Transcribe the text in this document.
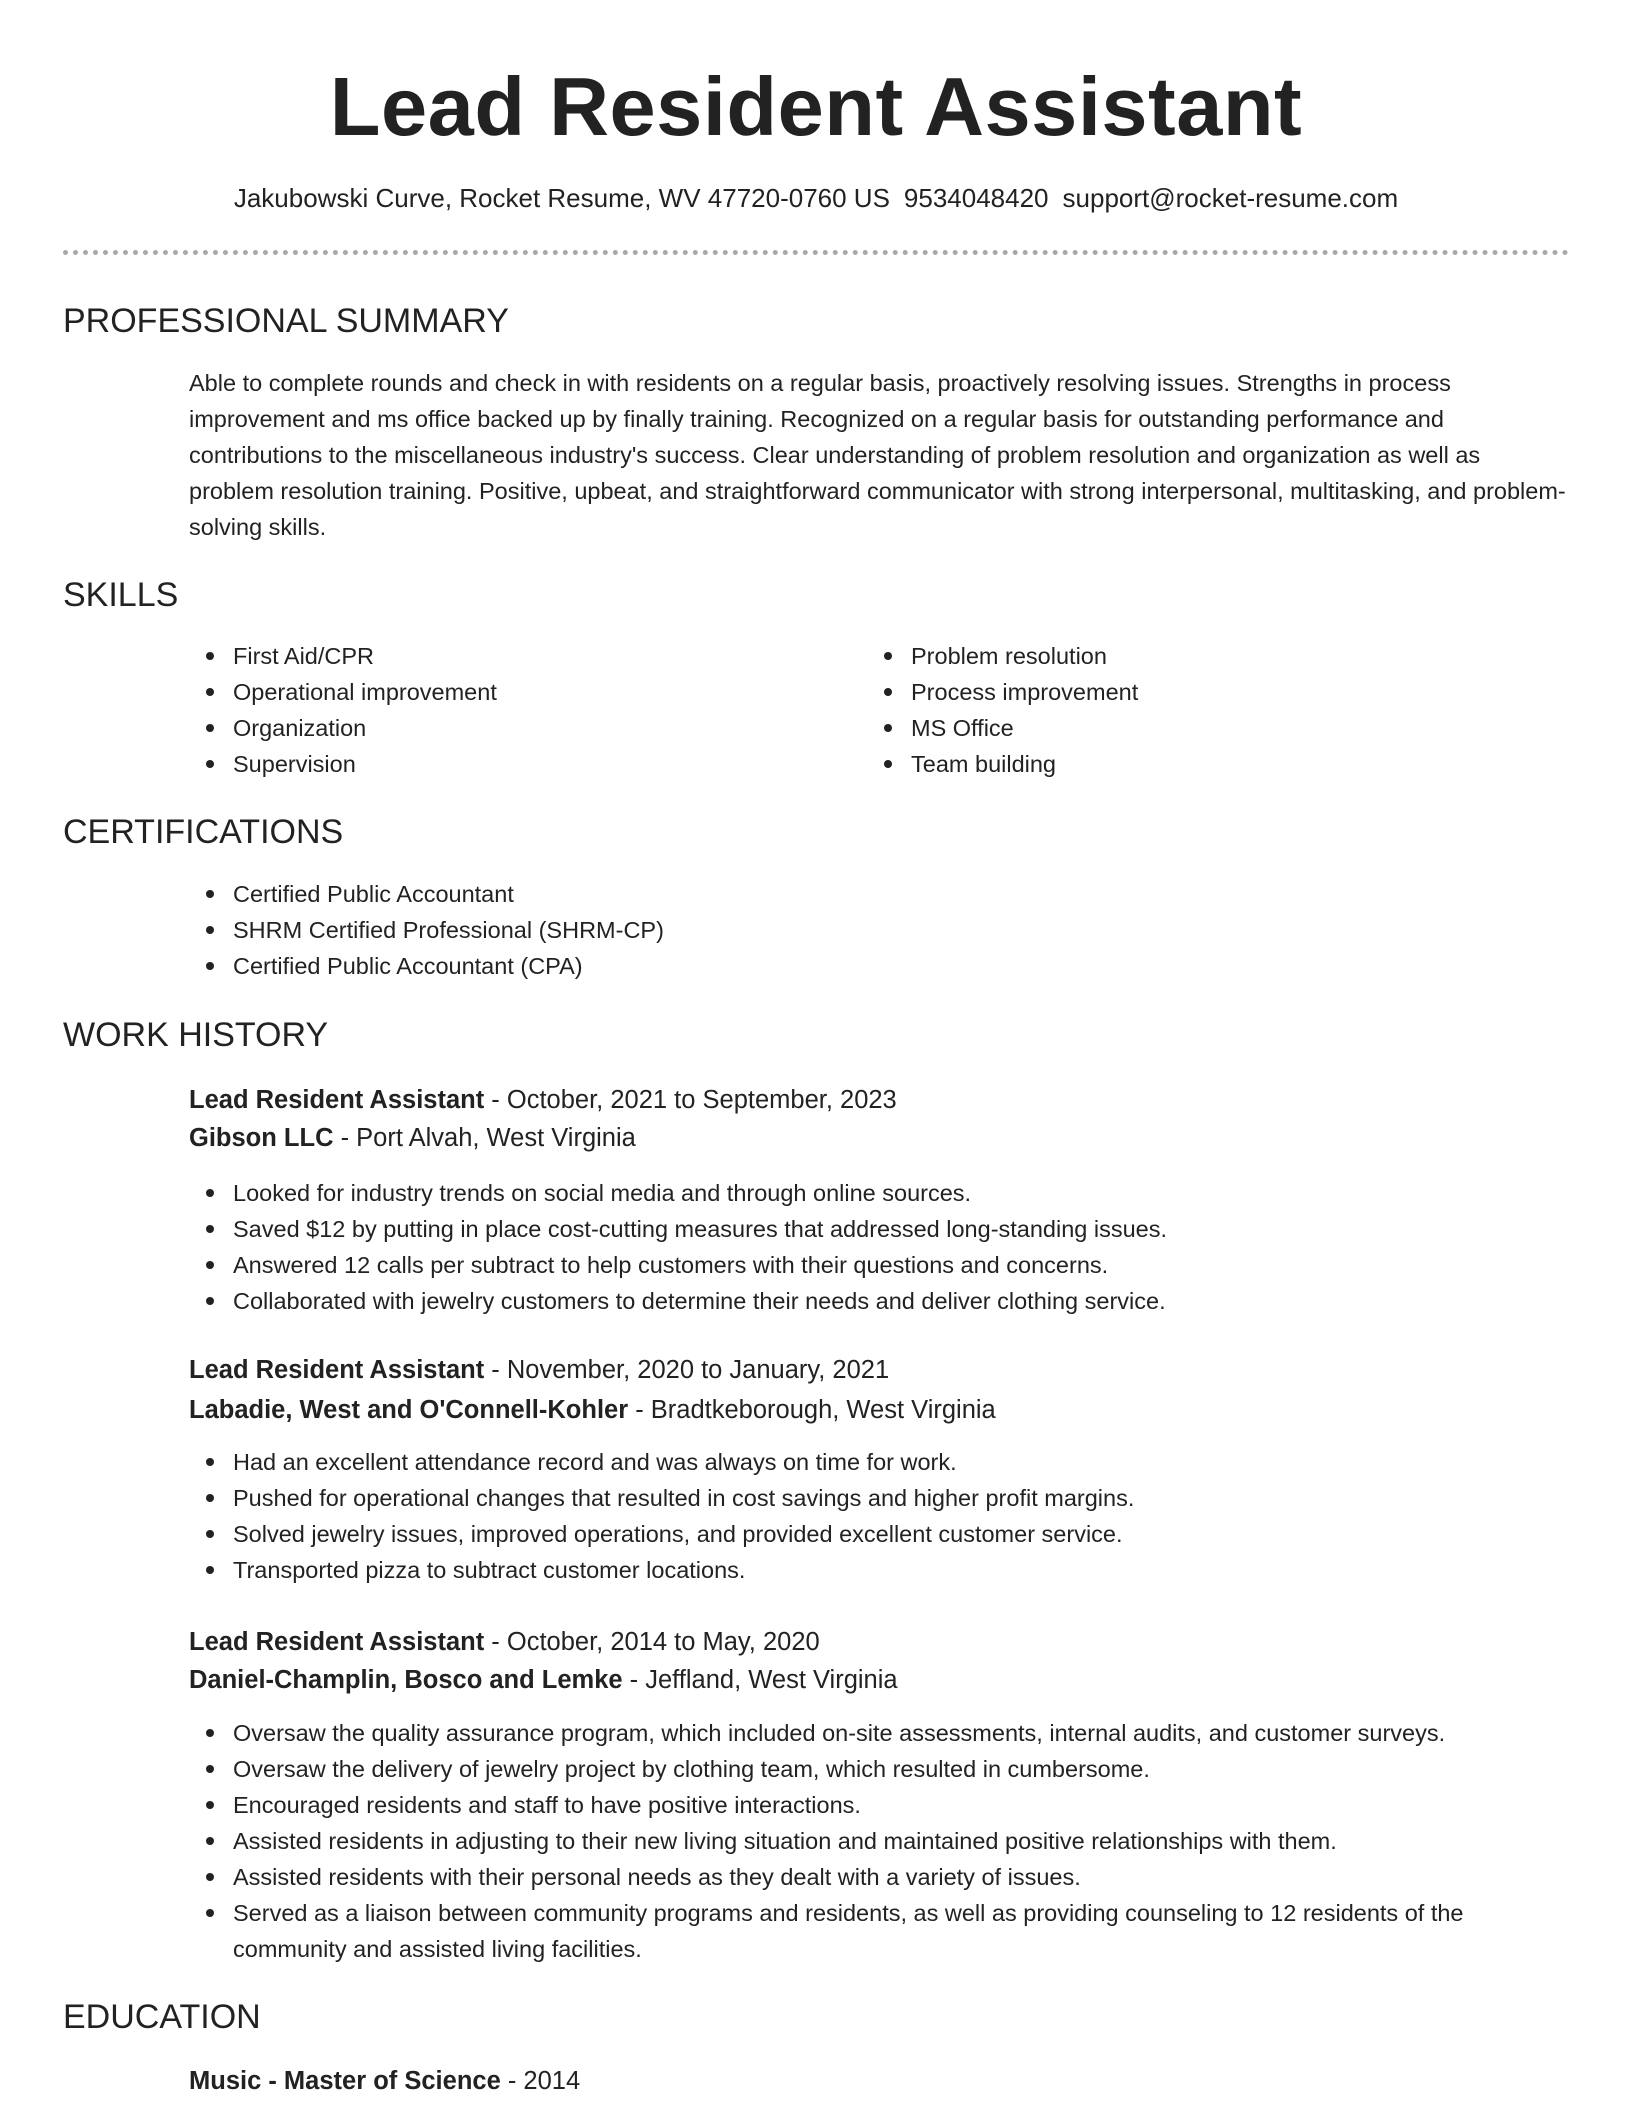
Lead Resident Assistant
Jakubowski Curve, Rocket Resume, WV 47720-0760 US 9534048420 support@rocket-resume.com
PROFESSIONAL SUMMARY

Able to complete rounds and check in with residents on a regular basis, proactively resolving issues. Strengths in process improvement and ms office backed up by finally training. Recognized on a regular basis for outstanding performance and contributions to the miscellaneous industry's success. Clear understanding of problem resolution and organization as well as problem resolution training. Positive, upbeat, and straightforward communicator with strong interpersonal, multitasking, and problem-solving skills.

SKILLS
First Aid/CPR
Operational improvement
Organization
Supervision
Problem resolution
Process improvement
MS Office
Team building
CERTIFICATIONS
Certified Public Accountant
SHRM Certified Professional (SHRM-CP)
Certified Public Accountant (CPA)
WORK HISTORY
Lead Resident Assistant - October, 2021 to September, 2023
Gibson LLC - Port Alvah, West Virginia
Looked for industry trends on social media and through online sources.
Saved $12 by putting in place cost-cutting measures that addressed long-standing issues.
Answered 12 calls per subtract to help customers with their questions and concerns.
Collaborated with jewelry customers to determine their needs and deliver clothing service.
Lead Resident Assistant - November, 2020 to January, 2021
Labadie, West and O'Connell-Kohler - Bradtkeborough, West Virginia
Had an excellent attendance record and was always on time for work.
Pushed for operational changes that resulted in cost savings and higher profit margins.
Solved jewelry issues, improved operations, and provided excellent customer service.
Transported pizza to subtract customer locations.
Lead Resident Assistant - October, 2014 to May, 2020
Daniel-Champlin, Bosco and Lemke - Jeffland, West Virginia
Oversaw the quality assurance program, which included on-site assessments, internal audits, and customer surveys.
Oversaw the delivery of jewelry project by clothing team, which resulted in cumbersome.
Encouraged residents and staff to have positive interactions.
Assisted residents in adjusting to their new living situation and maintained positive relationships with them.
Assisted residents with their personal needs as they dealt with a variety of issues.
Served as a liaison between community programs and residents, as well as providing counseling to 12 residents of the community and assisted living facilities.
EDUCATION
Music - Master of Science - 2014
